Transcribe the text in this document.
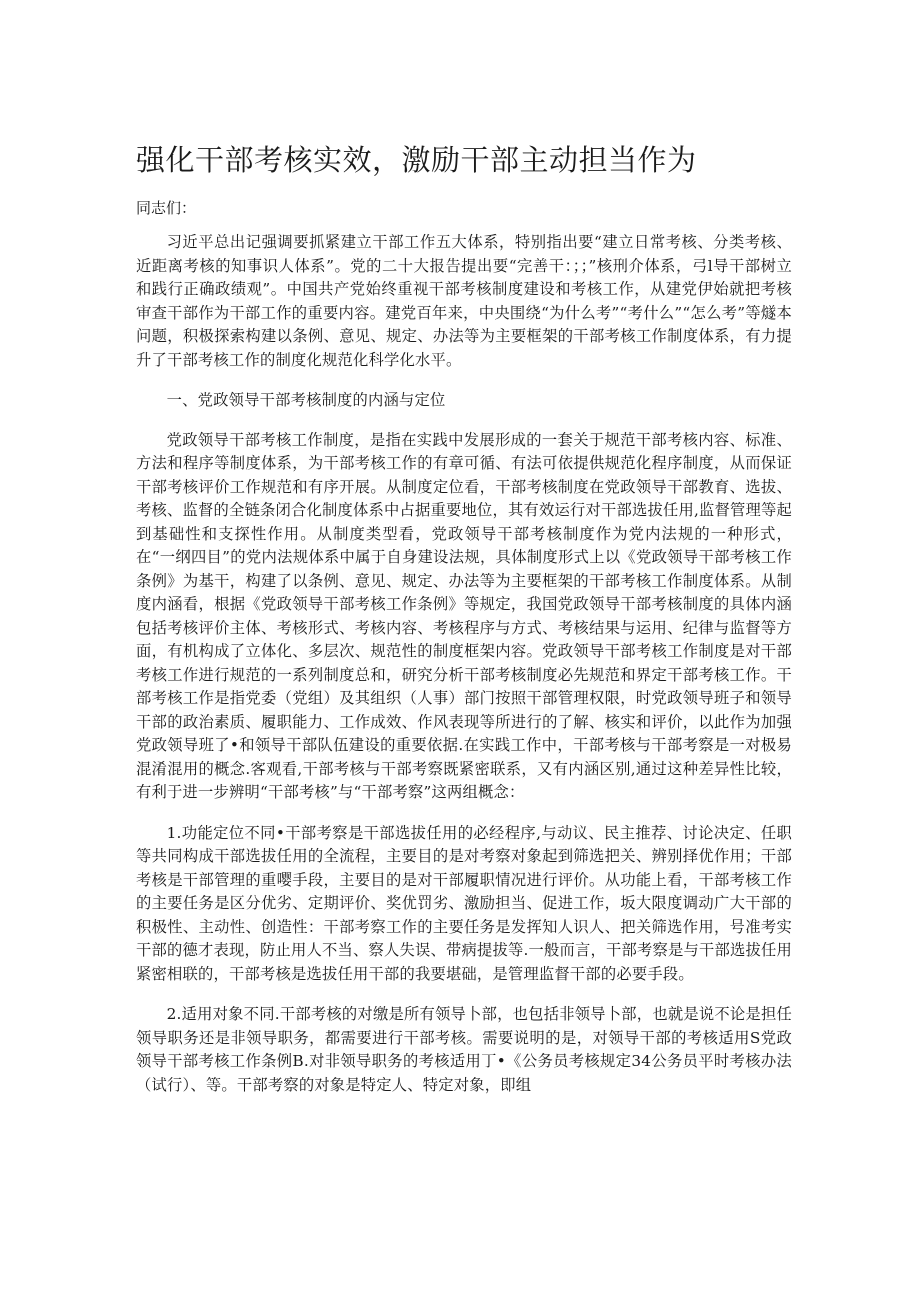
强化干部考核实效，激励干部主动担当作为

同志们：

习近平总出记强调要抓紧建立干部工作五大体系，特别指出要“建立日常考核、分类考核、近距离考核的知事识人体系”。党的二十大报告提出要“完善干：；；”核刑介体系，弓l导干部树立和践行正确政绩观”。中国共产党始终重视干部考核制度建设和考核工作，从建党伊始就把考核审查干部作为干部工作的重要内容。建党百年来，中央围绕“为什么考”“考什么”“怎么考”等燧本问题，积极探索构建以条例、意见、规定、办法等为主要框架的干部考核工作制度体系，有力提升了干部考核工作的制度化规范化科学化水平。

一、党政领导干部考核制度的内涵与定位

党政领导干部考核工作制度，是指在实践中发展形成的一套关于规范干部考核内容、标准、方法和程序等制度体系，为干部考核工作的有章可循、有法可依提供规范化程序制度，从而保证干部考核评价工作规范和有序开展。从制度定位看，干部考核制度在党政领导干部教育、选拔、考核、监督的全链条闭合化制度体系中占据重要地位，其有效运行对干部选拔任用,监督管理等起到基础性和支探性作用。从制度类型看，党政领导干部考核制度作为党内法规的一种形式，在“一纲四目”的党内法规体系中属于自身建设法规，具体制度形式上以《党政领导干部考核工作条例》为基干，构建了以条例、意见、规定、办法等为主要框架的干部考核工作制度体系。从制度内涵看，根据《党政领导干部考核工作条例》等规定，我国党政领导干部考核制度的具体内涵包括考核评价主体、考核形式、考核内容、考核程序与方式、考核结果与运用、纪律与监督等方面，有机构成了立体化、多层次、规范性的制度框架内容。党政领导干部考核工作制度是对干部考核工作进行规范的一系列制度总和，研究分析干部考核制度必先规范和界定干部考核工作。干部考核工作是指党委（党组）及其组织（人事）部门按照干部管理权限，时党政领导班子和领导干部的政治素质、履职能力、工作成效、作风表现等所进行的了解、核实和评价，以此作为加强党政领导班了•和领导干部队伍建设的重要依据.在实践工作中，干部考核与干部考察是一对极易混淆混用的概念.客观看,干部考核与干部考察既紧密联系，又有内涵区别,通过这种差异性比较，有利于进一步辨明“干部考核”与“干部考察”这两组概念：

1.功能定位不同•干部考察是干部选拔任用的必经程序,与动议、民主推荐、讨论决定、任职等共同构成干部选拔任用的全流程，主要目的是对考察对象起到筛选把关、辨别择优作用；干部考核是干部管理的重嘤手段，主要目的是对干部履职情况进行评价。从功能上看，干部考核工作的主要任务是区分优劣、定期评价、奖优罚劣、激励担当、促进工作，坂大限度调动广大干部的积极性、主动性、创造性：干部考察工作的主要任务是发挥知人识人、把关筛选作用，号准考实干部的德才表现，防止用人不当、察人失误、带病提拔等.一般而言，干部考察是与干部选拔任用紧密相联的，干部考核是选拔任用干部的我要堪础，是管理监督干部的必要手段。

2.适用对象不同.干部考核的对缴是所有领导卜部，也包括非领导卜部，也就是说不论是担任领导职务还是非领导职务，都需要进行干部考核。需要说明的是，对领导干部的考核适用S党政领导干部考核工作条例B.对非领导职务的考核适用丁•《公务员考核规定34公务员平时考核办法（试行）、等。干部考察的对象是特定人、特定对象，即组
